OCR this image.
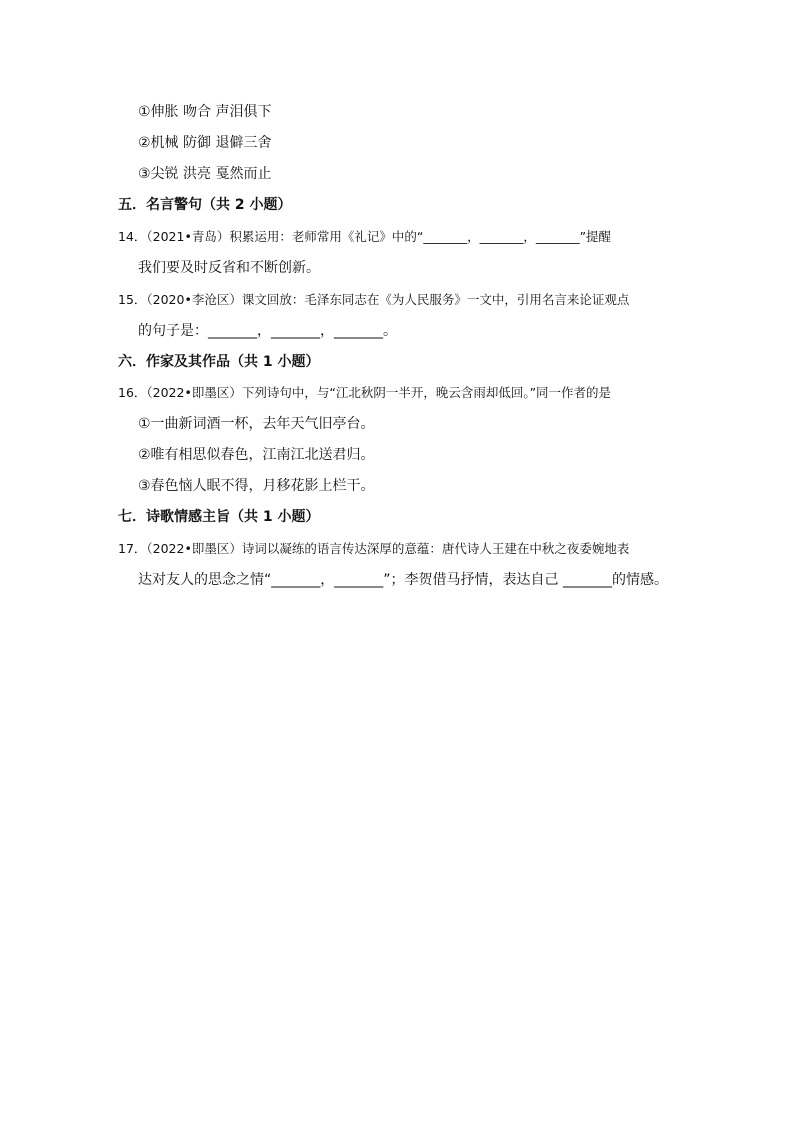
①伸胀 吻合 声泪俱下
②机械 防御 退僻三舍
③尖锐 洪亮 戛然而止
五．名言警句（共 2 小题）
14．（2021•青岛）积累运用：老师常用《礼记》中的“_______，_______，_______”提醒
我们要及时反省和不断创新。
15．（2020•李沧区）课文回放：毛泽东同志在《为人民服务》一文中，引用名言来论证观点
的句子是：_______，_______，_______。
六．作家及其作品（共 1 小题）
16．（2022•即墨区）下列诗句中，与“江北秋阴一半开，晚云含雨却低回。”同一作者的是
①一曲新词酒一杯，去年天气旧亭台。
②唯有相思似春色，江南江北送君归。
③春色恼人眠不得，月移花影上栏干。
七．诗歌情感主旨（共 1 小题）
17．（2022•即墨区）诗词以凝练的语言传达深厚的意蕴：唐代诗人王建在中秋之夜委婉地表
达对友人的思念之情“_______，_______”；李贺借马抒情，表达自己 _______的情感。
